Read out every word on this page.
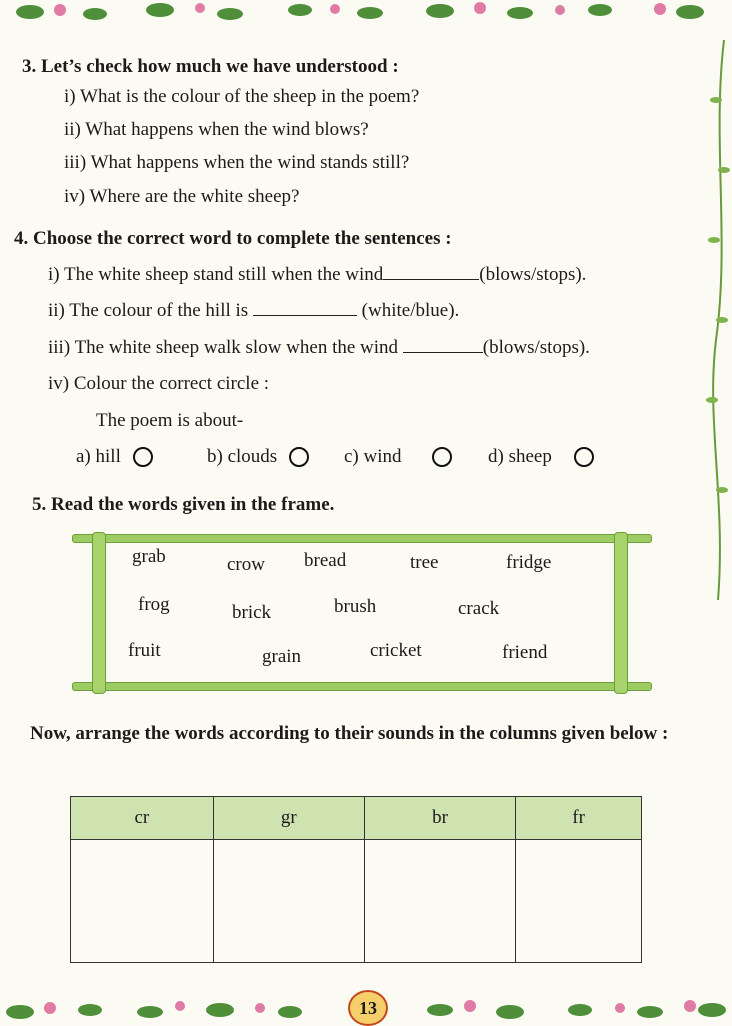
3. Let’s check how much we have understood :
i) What is the colour of the sheep in the poem?
ii) What happens when the wind blows?
iii) What happens when the wind stands still?
iv) Where are the white sheep?
4. Choose the correct word to complete the sentences :
i) The white sheep stand still when the wind	(blows/stops).
ii) The colour of the hill is	(white/blue).
iii) The white sheep walk slow when the wind	(blows/stops).
iv) Colour the correct circle :
The poem is about-
a) hill	b) clouds	c) wind	d) sheep
5. Read the words given in the frame.
grab	crow bread	tree	fridge
frog	brick	brush	crack
fruit	grain	cricket	friend
Now, arrange the words according to their sounds in the columns given below :
cr	gr	br	fr

13
